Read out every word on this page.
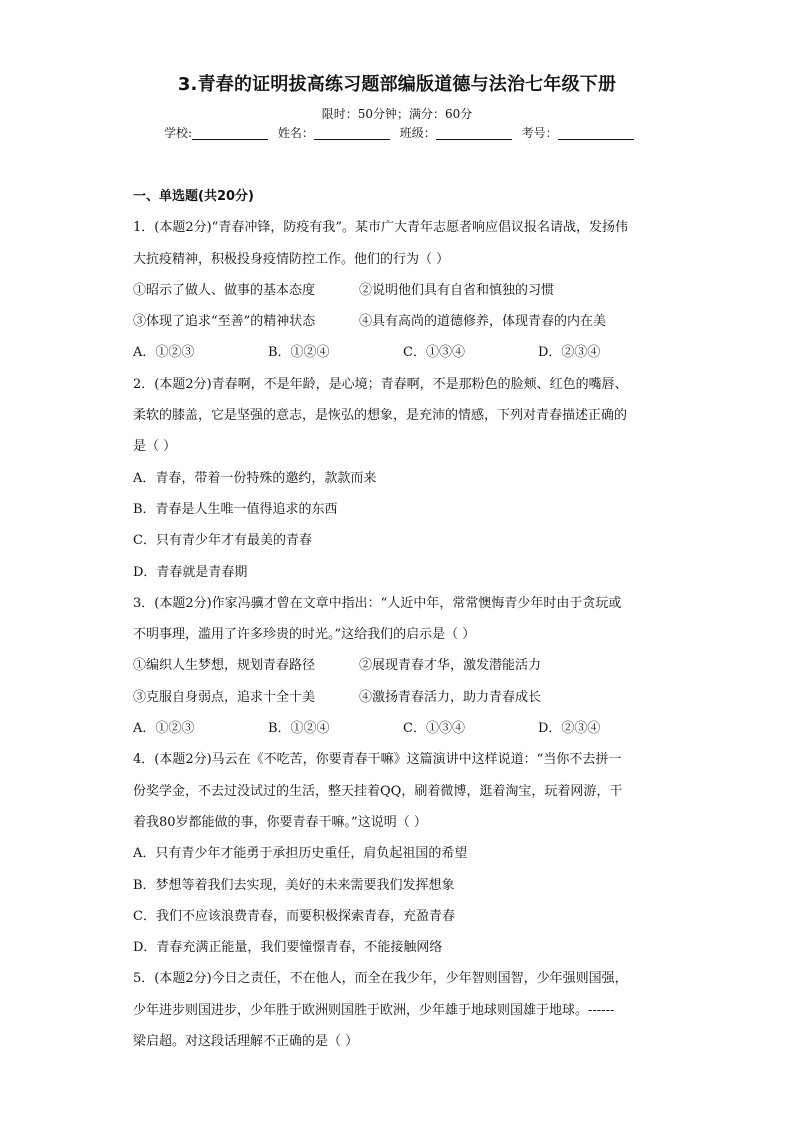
3.青春的证明拔高练习题部编版道德与法治七年级下册
限时：50分钟；满分：60分
学校:	姓名：	班级：	考号：
一、单选题(共20分)
1．(本题2分)“青春冲锋，防疫有我”。某市广大青年志愿者响应倡议报名请战，发扬伟
大抗疫精神，积极投身疫情防控工作。他们的行为（ ）
①昭示了做人、做事的基本态度	②说明他们具有自省和慎独的习惯
③体现了追求“至善”的精神状态	④具有高尚的道德修养，体现青春的内在美
A．①②③	B．①②④	C．①③④	D．②③④
2．(本题2分)青春啊，不是年龄，是心境；青春啊，不是那粉色的脸颊、红色的嘴唇、
柔软的膝盖，它是坚强的意志，是恢弘的想象，是充沛的情感，下列对青春描述正确的
是（ ）
A．青春，带着一份特殊的邀约，款款而来
B．青春是人生唯一值得追求的东西
C．只有青少年才有最美的青春
D．青春就是青春期
3．(本题2分)作家冯骥才曾在文章中指出：“人近中年，常常懊悔青少年时由于贪玩或
不明事理，滥用了许多珍贵的时光。”这给我们的启示是（ ）
①编织人生梦想，规划青春路径	②展现青春才华，激发潜能活力
③克服自身弱点，追求十全十美	④激扬青春活力，助力青春成长
A．①②③	B．①②④	C．①③④	D．②③④
4．(本题2分)马云在《不吃苦，你要青春干嘛》这篇演讲中这样说道：“当你不去拼一
份奖学金，不去过没试过的生活，整天挂着QQ，刷着微博，逛着淘宝，玩着网游，干
着我80岁都能做的事，你要青春干嘛。”这说明（ ）
A．只有青少年才能勇于承担历史重任，肩负起祖国的希望
B．梦想等着我们去实现，美好的未来需要我们发挥想象
C．我们不应该浪费青春，而要积极探索青春，充盈青春
D．青春充满正能量，我们要憧憬青春，不能接触网络
5．(本题2分)今日之责任，不在他人，而全在我少年，少年智则国智，少年强则国强，
少年进步则国进步，少年胜于欧洲则国胜于欧洲，少年雄于地球则国雄于地球。------
梁启超。对这段话理解不正确的是（ ）
